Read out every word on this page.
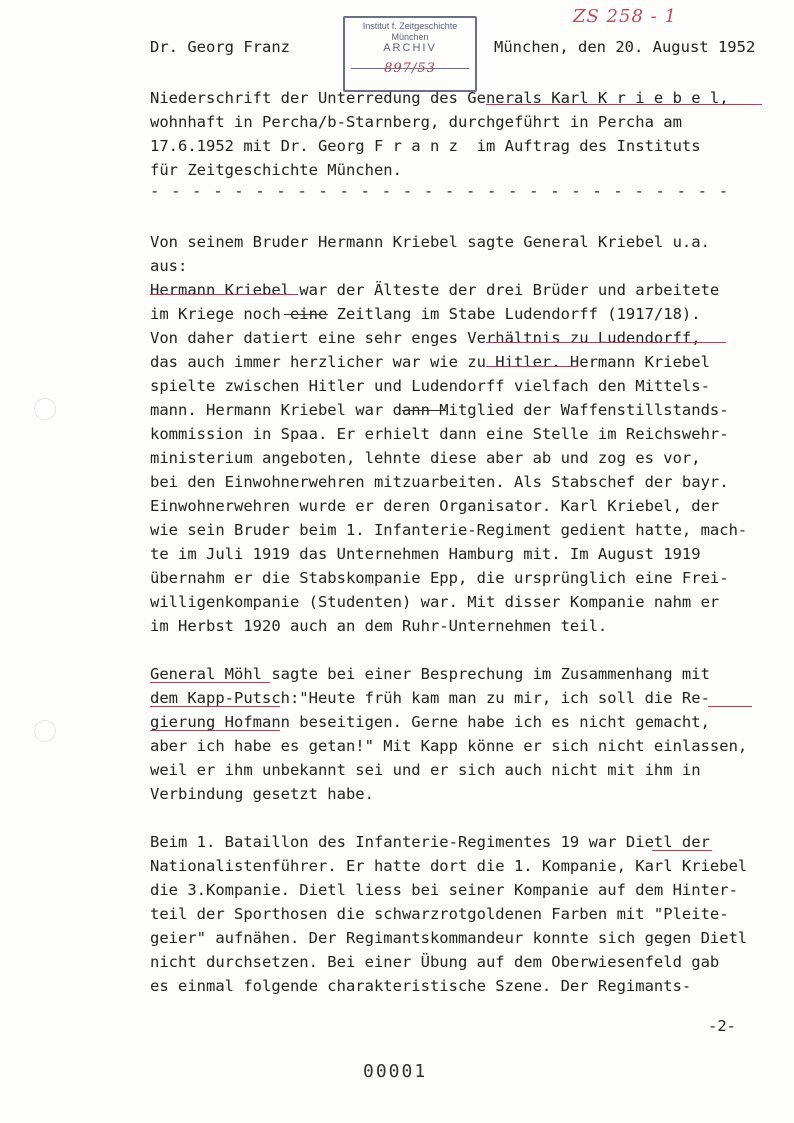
Dr. Georg Franz	München, den 20. August 1952
ZS 258 - 1
Institut f. Zeitgeschichte
München
ARCHIV
897/53
Niederschrift der Unterredung des Generals Karl K r i e b e l,
wohnhaft in Percha/b-Starnberg, durchgeführt in Percha am
17.6.1952 mit Dr. Georg F r a n z  im Auftrag des Instituts
für Zeitgeschichte München.
- - - - - - - - - - - - - - - - - - - - - - - - - - - -
Von seinem Bruder Hermann Kriebel sagte General Kriebel u.a.
aus:
Hermann Kriebel war der Älteste der drei Brüder und arbeitete
im Kriege noch eine Zeitlang im Stabe Ludendorff (1917/18).
Von daher datiert eine sehr enges Verhältnis zu Ludendorff,
das auch immer herzlicher war wie zu Hitler. Hermann Kriebel
spielte zwischen Hitler und Ludendorff vielfach den Mittels-
mann. Hermann Kriebel war dann Mitglied der Waffenstillstands-
kommission in Spaa. Er erhielt dann eine Stelle im Reichswehr-
ministerium angeboten, lehnte diese aber ab und zog es vor,
bei den Einwohnerwehren mitzuarbeiten. Als Stabschef der bayr.
Einwohnerwehren wurde er deren Organisator. Karl Kriebel, der
wie sein Bruder beim 1. Infanterie-Regiment gedient hatte, mach-
te im Juli 1919 das Unternehmen Hamburg mit. Im August 1919
übernahm er die Stabskompanie Epp, die ursprünglich eine Frei-
willigenkompanie (Studenten) war. Mit disser Kompanie nahm er
im Herbst 1920 auch an dem Ruhr-Unternehmen teil.
General Möhl sagte bei einer Besprechung im Zusammenhang mit
dem Kapp-Putsch:"Heute früh kam man zu mir, ich soll die Re-
gierung Hofmann beseitigen. Gerne habe ich es nicht gemacht,
aber ich habe es getan!" Mit Kapp könne er sich nicht einlassen,
weil er ihm unbekannt sei und er sich auch nicht mit ihm in
Verbindung gesetzt habe.
Beim 1. Bataillon des Infanterie-Regimentes 19 war Dietl der
Nationalistenführer. Er hatte dort die 1. Kompanie, Karl Kriebel
die 3.Kompanie. Dietl liess bei seiner Kompanie auf dem Hinter-
teil der Sporthosen die schwarzrotgoldenen Farben mit "Pleite-
geier" aufnähen. Der Regimantskommandeur konnte sich gegen Dietl
nicht durchsetzen. Bei einer Übung auf dem Oberwiesenfeld gab
es einmal folgende charakteristische Szene. Der Regimants-
-2-
00001
